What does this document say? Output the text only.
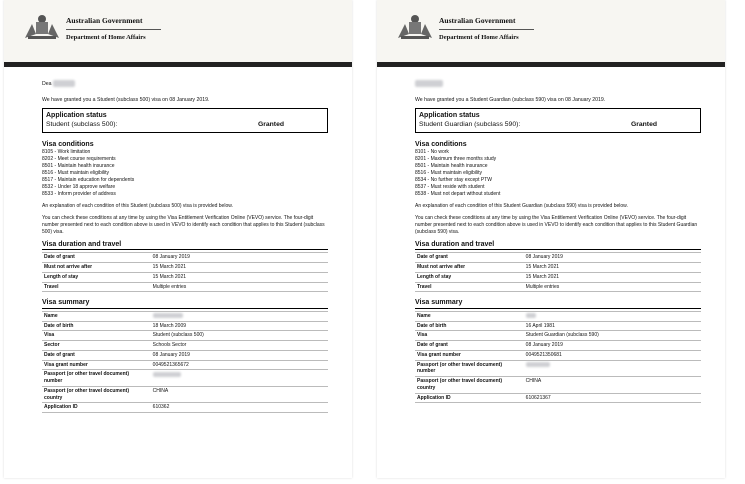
Australian Government
Department of Home Affairs
Dea
We have granted you a Student (subclass 500) visa on 08 January 2019.
Application status
Student (subclass 500):	Granted
Visa conditions
8105 - Work limitation
8202 - Meet course requirements
8501 - Maintain health insurance
8516 - Must maintain eligibility
8517 - Maintain education for dependents
8532 - Under 18 approve welfare
8533 - Inform provider of address

An explanation of each condition of this Student (subclass 500) visa is provided below.

You can check these conditions at any time by using the Visa Entitlement Verification Online (VEVO) service. The four-digit number presented next to each condition above is used in VEVO to identify each condition that applies to this Student (subclass 500) visa.

Visa duration and travel
Date of grant	08 January 2019
Must not arrive after	15 March 2021
Length of stay	15 March 2021
Travel	Multiple entries
Visa summary
Name	
Date of birth	18 March 2009
Visa	Student (subclass 500)
Sector	Schools Sector
Date of grant	08 January 2019
Visa grant number	0049521365672
Passport (or other travel document) number	
Passport (or other travel document) country	CHINA
Application ID	610362
Australian Government
Department of Home Affairs
We have granted you a Student Guardian (subclass 590) visa on 08 January 2019.
Application status
Student Guardian (subclass 590):	Granted
Visa conditions
8101 - No work
8201 - Maximum three months study
8501 - Maintain health insurance
8516 - Must maintain eligibility
8534 - No further stay except PTW
8537 - Must reside with student
8538 - Must not depart without student

An explanation of each condition of this Student Guardian (subclass 590) visa is provided below.

You can check these conditions at any time by using the Visa Entitlement Verification Online (VEVO) service. The four-digit number presented next to each condition above is used in VEVO to identify each condition that applies to this Student Guardian (subclass 590) visa.

Visa duration and travel
Date of grant	08 January 2019
Must not arrive after	15 March 2021
Length of stay	15 March 2021
Travel	Multiple entries
Visa summary
Name	
Date of birth	16 April 1981
Visa	Student Guardian (subclass 590)
Date of grant	08 January 2019
Visa grant number	0049521350681
Passport (or other travel document) number	
Passport (or other travel document) country	CHINA
Application ID	610621367
